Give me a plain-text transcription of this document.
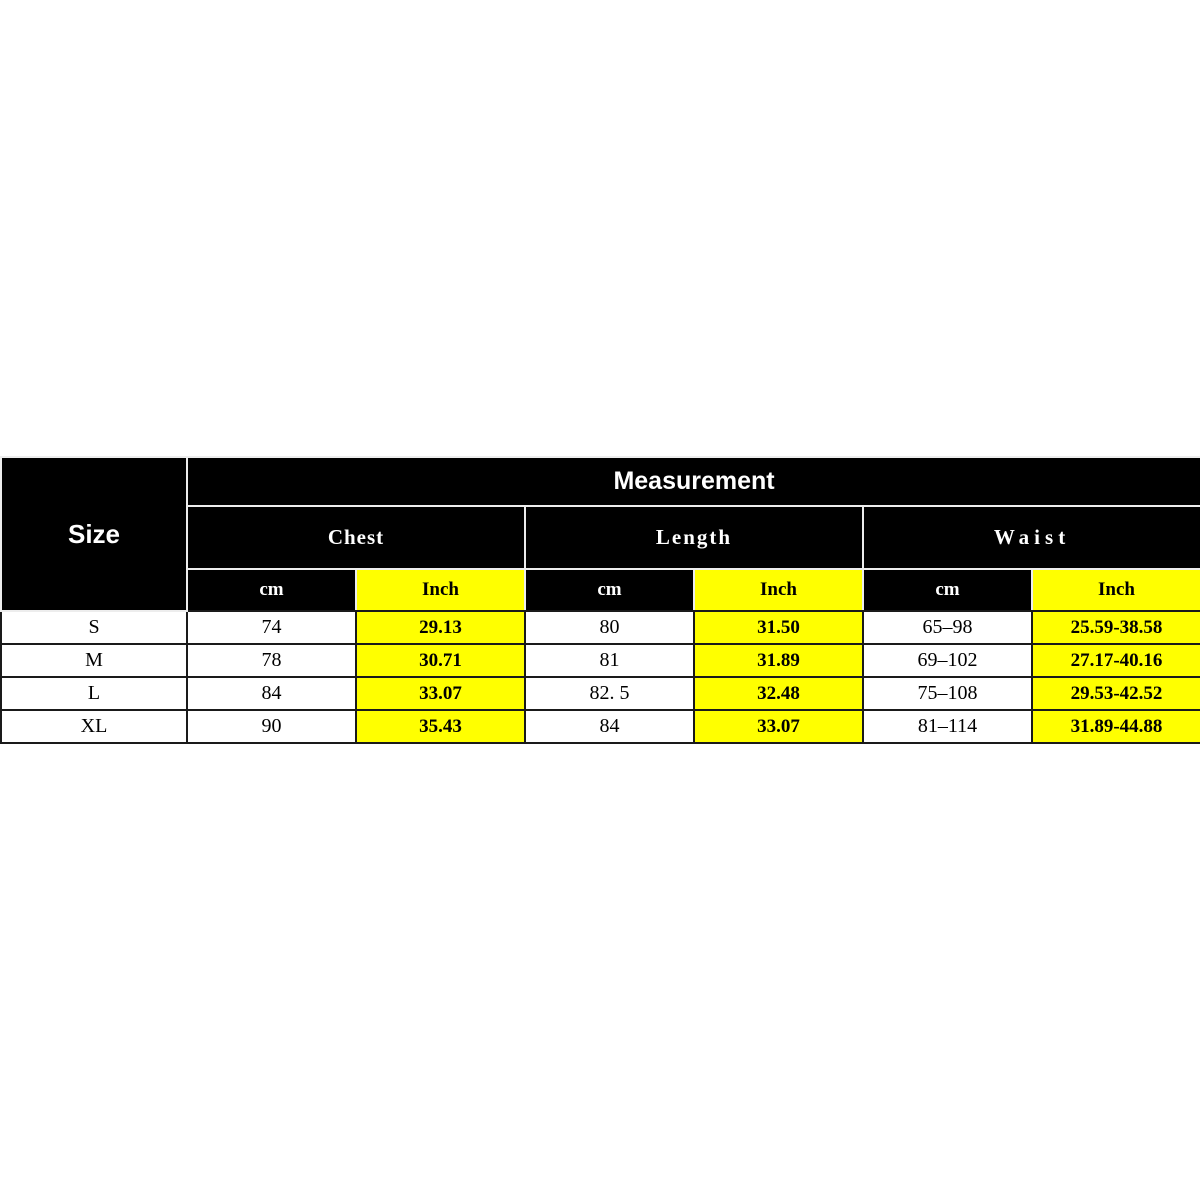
Size	Measurement					
	Chest		Length		Waist	
	cm	Inch	cm	Inch	cm	Inch
S	74	29.13	80	31.50	65–98	25.59-38.58
M	78	30.71	81	31.89	69–102	27.17-40.16
L	84	33.07	82. 5	32.48	75–108	29.53-42.52
XL	90	35.43	84	33.07	81–114	31.89-44.88
